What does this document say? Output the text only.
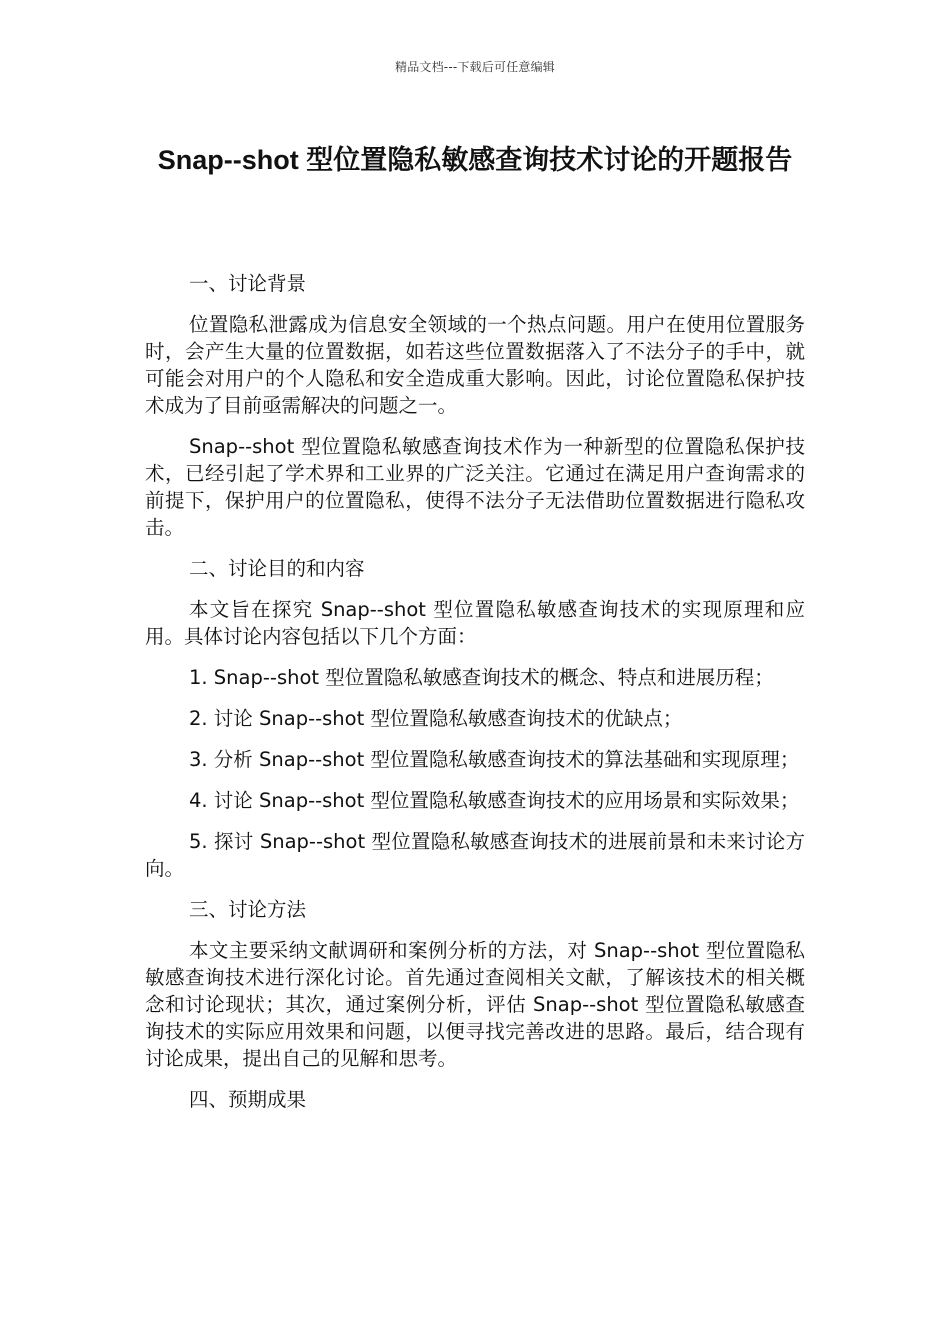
精品文档---下载后可任意编辑
Snap--shot 型位置隐私敏感查询技术讨论的开题报告

一、讨论背景

位置隐私泄露成为信息安全领域的一个热点问题。用户在使用位置服务时，会产生大量的位置数据，如若这些位置数据落入了不法分子的手中，就可能会对用户的个人隐私和安全造成重大影响。因此，讨论位置隐私保护技术成为了目前亟需解决的问题之一。

Snap--shot 型位置隐私敏感查询技术作为一种新型的位置隐私保护技术，已经引起了学术界和工业界的广泛关注。它通过在满足用户查询需求的前提下，保护用户的位置隐私，使得不法分子无法借助位置数据进行隐私攻击。

二、讨论目的和内容

本文旨在探究 Snap--shot 型位置隐私敏感查询技术的实现原理和应用。具体讨论内容包括以下几个方面：

1. Snap--shot 型位置隐私敏感查询技术的概念、特点和进展历程；

2. 讨论 Snap--shot 型位置隐私敏感查询技术的优缺点；

3. 分析 Snap--shot 型位置隐私敏感查询技术的算法基础和实现原理；

4. 讨论 Snap--shot 型位置隐私敏感查询技术的应用场景和实际效果；

5. 探讨 Snap--shot 型位置隐私敏感查询技术的进展前景和未来讨论方向。

三、讨论方法

本文主要采纳文献调研和案例分析的方法，对 Snap--shot 型位置隐私敏感查询技术进行深化讨论。首先通过查阅相关文献，了解该技术的相关概念和讨论现状；其次，通过案例分析，评估 Snap--shot 型位置隐私敏感查询技术的实际应用效果和问题，以便寻找完善改进的思路。最后，结合现有讨论成果，提出自己的见解和思考。

四、预期成果
